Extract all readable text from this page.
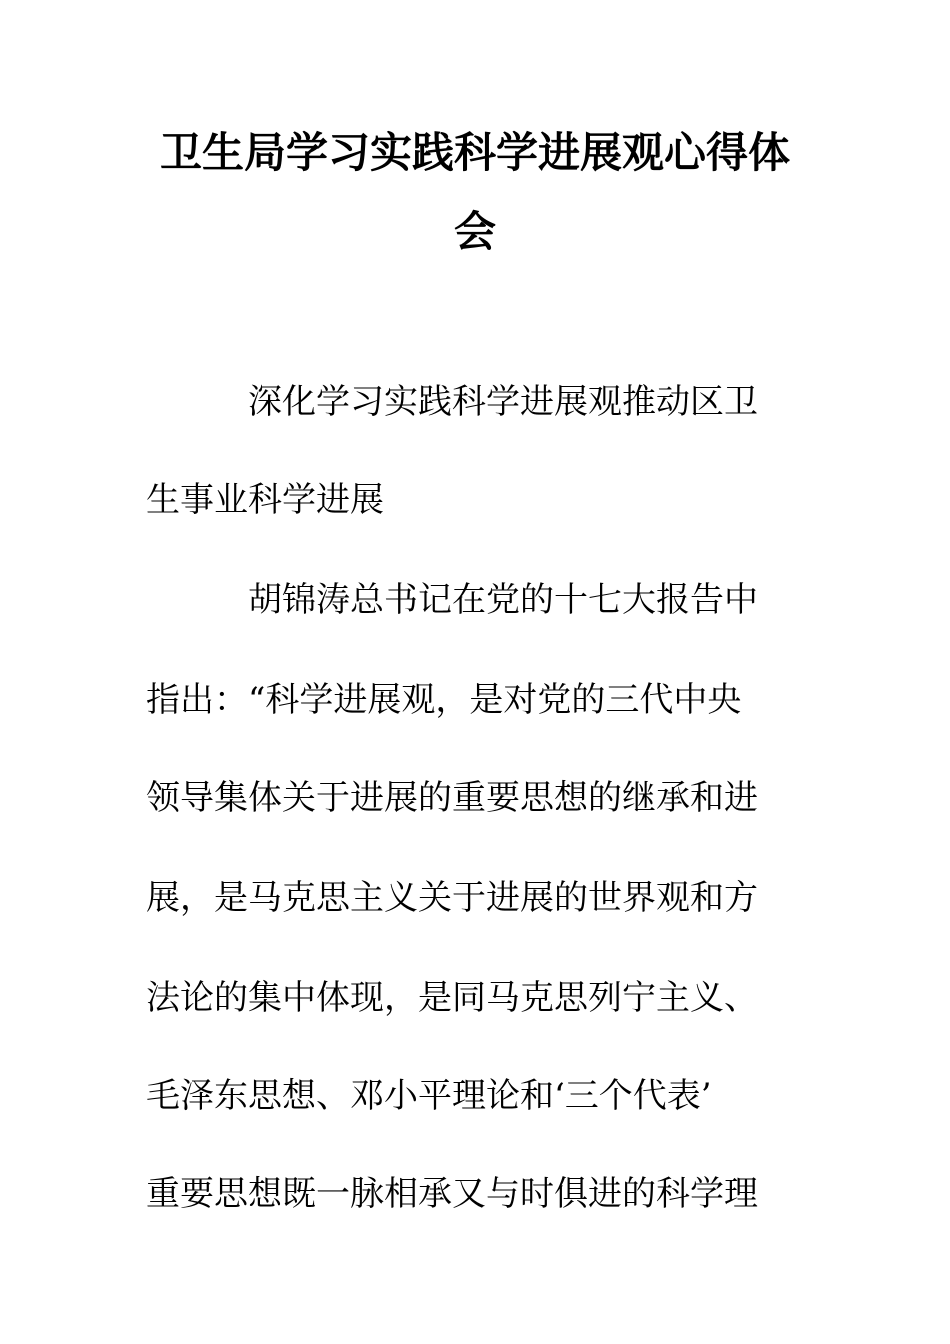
卫生局学习实践科学进展观心得体
会
深化学习实践科学进展观推动区卫
生事业科学进展
胡锦涛总书记在党的十七大报告中
指出：“科学进展观，是对党的三代中央
领导集体关于进展的重要思想的继承和进
展，是马克思主义关于进展的世界观和方
法论的集中体现，是同马克思列宁主义、
毛泽东思想、邓小平理论和‘三个代表’
重要思想既一脉相承又与时俱进的科学理
